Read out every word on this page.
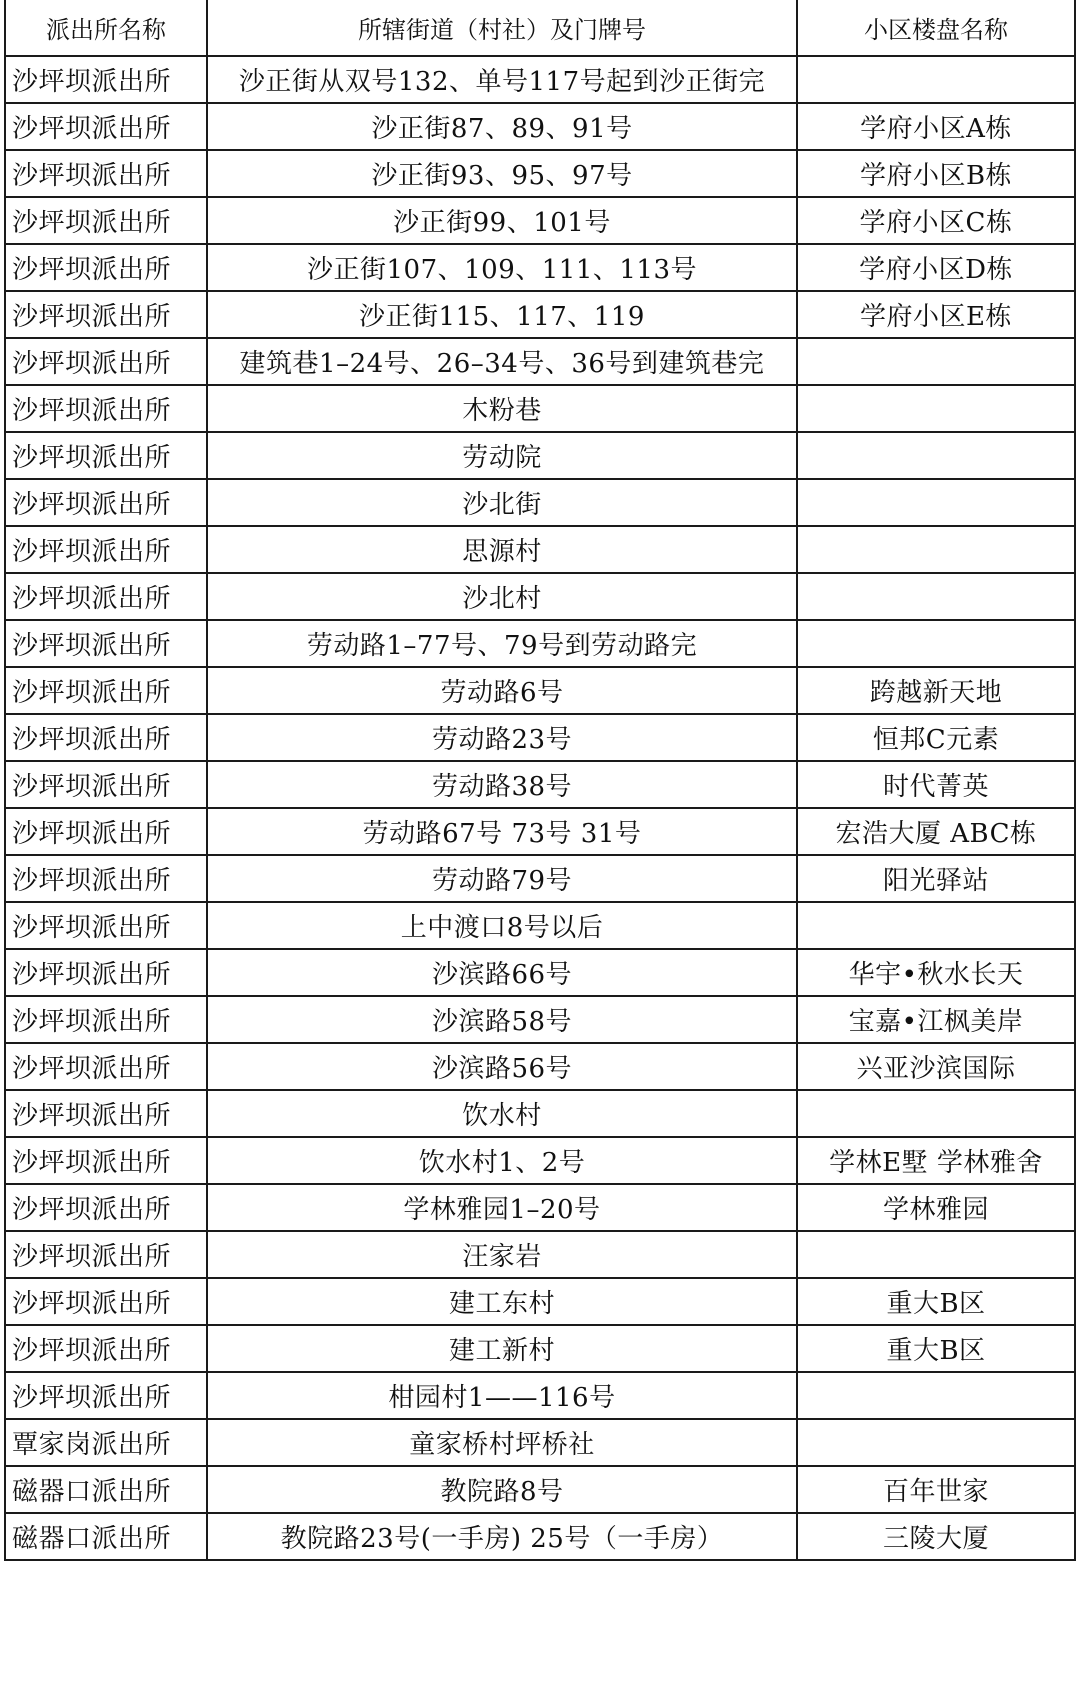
派出所名称	所辖街道（村社）及门牌号	小区楼盘名称
沙坪坝派出所	沙正街从双号132、单号117号起到沙正街完	
沙坪坝派出所	沙正街87、89、91号	学府小区A栋
沙坪坝派出所	沙正街93、95、97号	学府小区B栋
沙坪坝派出所	沙正街99、101号	学府小区C栋
沙坪坝派出所	沙正街107、109、111、113号	学府小区D栋
沙坪坝派出所	沙正街115、117、119	学府小区E栋
沙坪坝派出所	建筑巷1–24号、26–34号、36号到建筑巷完	
沙坪坝派出所	木粉巷	
沙坪坝派出所	劳动院	
沙坪坝派出所	沙北街	
沙坪坝派出所	思源村	
沙坪坝派出所	沙北村	
沙坪坝派出所	劳动路1–77号、79号到劳动路完	
沙坪坝派出所	劳动路6号	跨越新天地
沙坪坝派出所	劳动路23号	恒邦C元素
沙坪坝派出所	劳动路38号	时代菁英
沙坪坝派出所	劳动路67号 73号 31号	宏浩大厦 ABC栋
沙坪坝派出所	劳动路79号	阳光驿站
沙坪坝派出所	上中渡口8号以后	
沙坪坝派出所	沙滨路66号	华宇•秋水长天
沙坪坝派出所	沙滨路58号	宝嘉•江枫美岸
沙坪坝派出所	沙滨路56号	兴亚沙滨国际
沙坪坝派出所	饮水村	
沙坪坝派出所	饮水村1、2号	学林E墅 学林雅舍
沙坪坝派出所	学林雅园1–20号	学林雅园
沙坪坝派出所	汪家岩	
沙坪坝派出所	建工东村	重大B区
沙坪坝派出所	建工新村	重大B区
沙坪坝派出所	柑园村1——116号	
覃家岗派出所	童家桥村坪桥社	
磁器口派出所	教院路8号	百年世家
磁器口派出所	教院路23号(一手房) 25号（一手房）	三陵大厦
